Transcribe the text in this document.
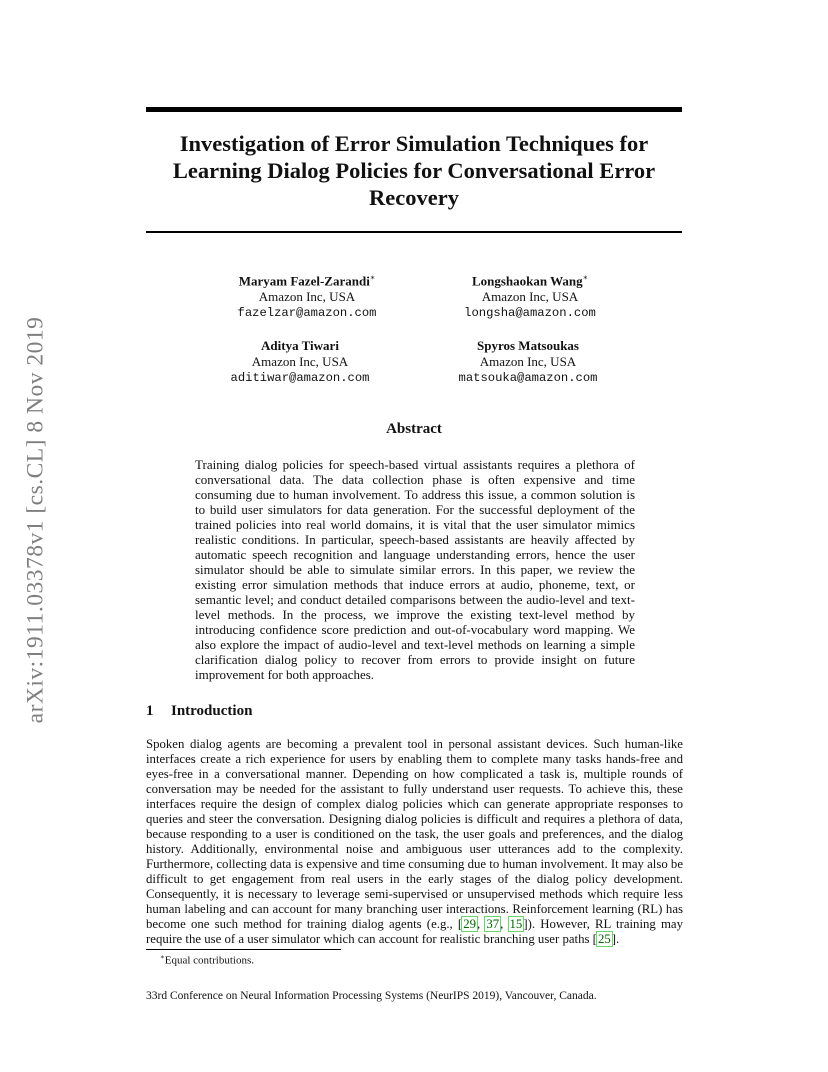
Investigation of Error Simulation Techniques for Learning Dialog Policies for Conversational Error Recovery
arXiv:1911.03378v1 [cs.CL] 8 Nov 2019
Maryam Fazel-Zarandi∗
Amazon Inc, USA
fazelzar@amazon.com
Longshaokan Wang∗
Amazon Inc, USA
longsha@amazon.com
Aditya Tiwari
Amazon Inc, USA
aditiwar@amazon.com
Spyros Matsoukas
Amazon Inc, USA
matsouka@amazon.com
Abstract

Training dialog policies for speech-based virtual assistants requires a plethora of conversational data. The data collection phase is often expensive and time consuming due to human involvement. To address this issue, a common solution is to build user simulators for data generation. For the successful deployment of the trained policies into real world domains, it is vital that the user simulator mimics realistic conditions. In particular, speech-based assistants are heavily affected by automatic speech recognition and language understanding errors, hence the user simulator should be able to simulate similar errors. In this paper, we review the existing error simulation methods that induce errors at audio, phoneme, text, or semantic level; and conduct detailed comparisons between the audio-level and text-level methods. In the process, we improve the existing text-level method by introducing confidence score prediction and out-of-vocabulary word mapping. We also explore the impact of audio-level and text-level methods on learning a simple clarification dialog policy to recover from errors to provide insight on future improvement for both approaches.

1 Introduction

Spoken dialog agents are becoming a prevalent tool in personal assistant devices. Such human-like interfaces create a rich experience for users by enabling them to complete many tasks hands-free and eyes-free in a conversational manner. Depending on how complicated a task is, multiple rounds of conversation may be needed for the assistant to fully understand user requests. To achieve this, these interfaces require the design of complex dialog policies which can generate appropriate responses to queries and steer the conversation. Designing dialog policies is difficult and requires a plethora of data, because responding to a user is conditioned on the task, the user goals and preferences, and the dialog history. Additionally, environmental noise and ambiguous user utterances add to the complexity. Furthermore, collecting data is expensive and time consuming due to human involvement. It may also be difficult to get engagement from real users in the early stages of the dialog policy development. Consequently, it is necessary to leverage semi-supervised or unsupervised methods which require less human labeling and can account for many branching user interactions. Reinforcement learning (RL) has become one such method for training dialog agents (e.g., [29, 37, 15]). However, RL training may require the use of a user simulator which can account for realistic branching user paths [25].

∗Equal contributions.

33rd Conference on Neural Information Processing Systems (NeurIPS 2019), Vancouver, Canada.
